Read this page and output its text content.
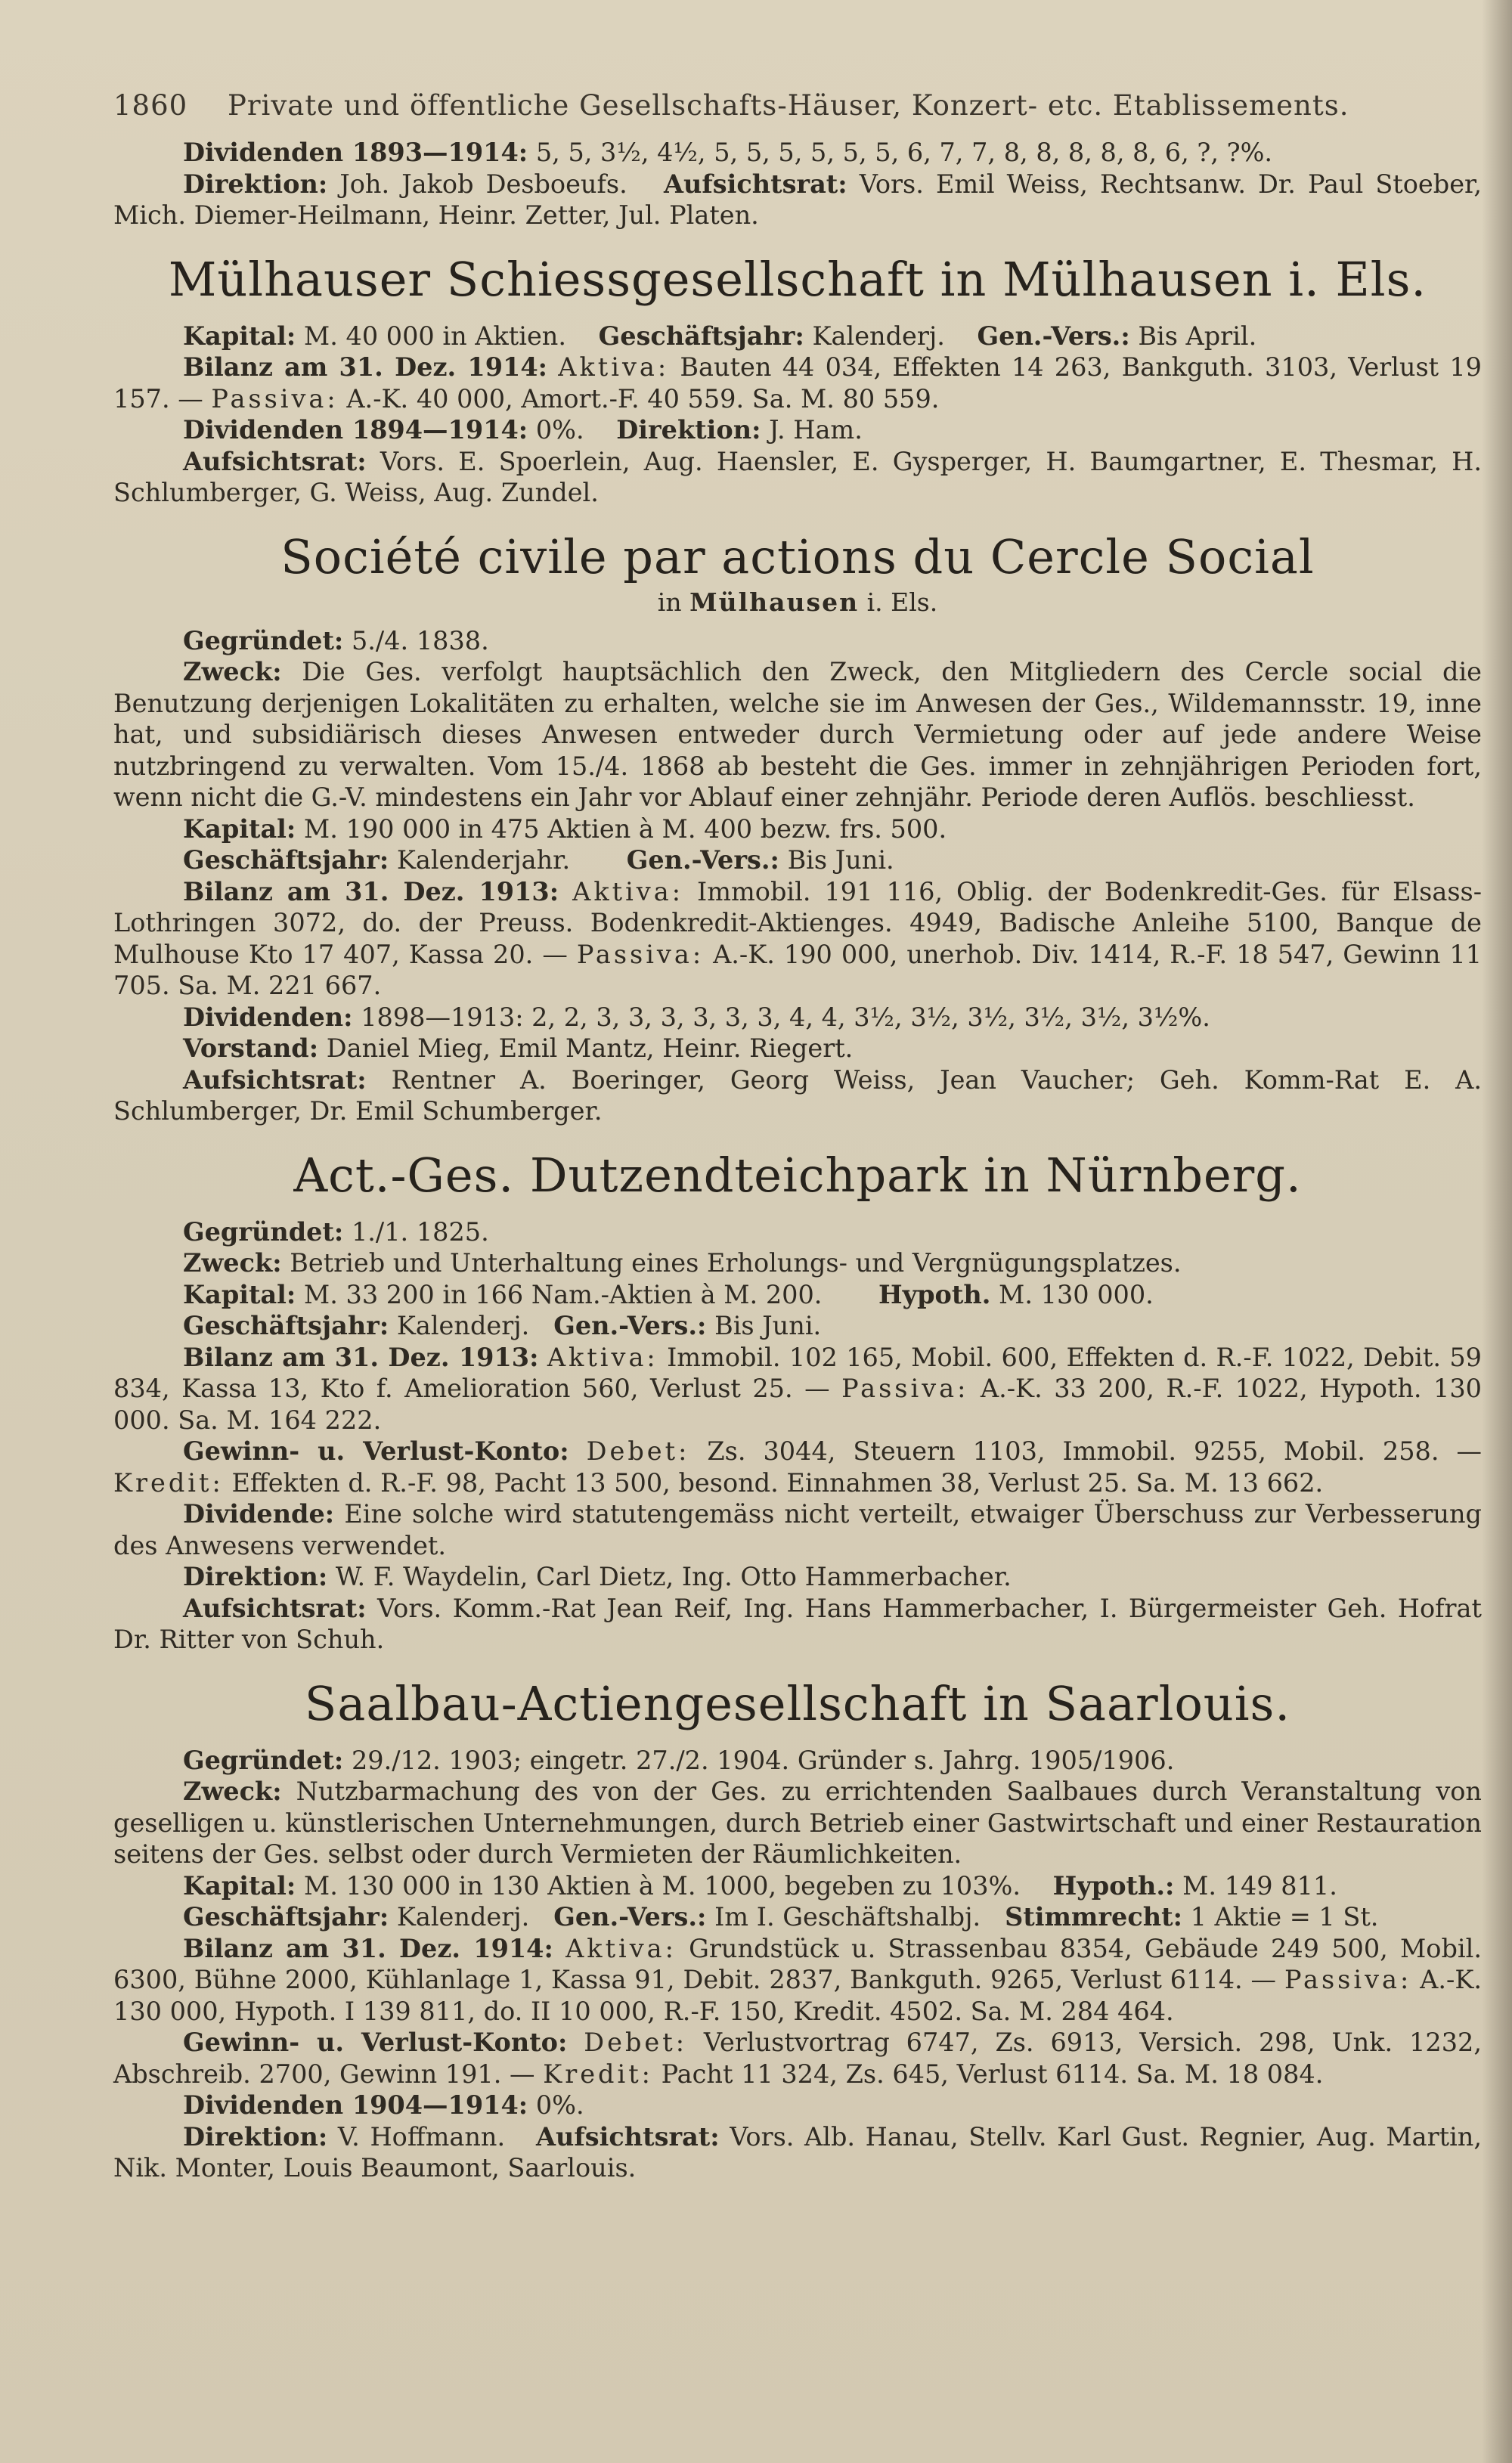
1860 Private und öffentliche Gesellschafts-Häuser, Konzert- etc. Etablissements.

Dividenden 1893—1914: 5, 5, 3½, 4½, 5, 5, 5, 5, 5, 5, 6, 7, 7, 8, 8, 8, 8, 8, 6, ?, ?%.

Direktion: Joh. Jakob Desboeufs. Aufsichtsrat: Vors. Emil Weiss, Rechtsanw. Dr. Paul Stoeber, Mich. Diemer-Heilmann, Heinr. Zetter, Jul. Platen.

Mülhauser Schiessgesellschaft in Mülhausen i. Els.

Kapital: M. 40 000 in Aktien. Geschäftsjahr: Kalenderj. Gen.-Vers.: Bis April.

Bilanz am 31. Dez. 1914: Aktiva: Bauten 44 034, Effekten 14 263, Bankguth. 3103, Verlust 19 157. — Passiva: A.-K. 40 000, Amort.-F. 40 559. Sa. M. 80 559.

Dividenden 1894—1914: 0%. Direktion: J. Ham.

Aufsichtsrat: Vors. E. Spoerlein, Aug. Haensler, E. Gysperger, H. Baumgartner, E. Thesmar, H. Schlumberger, G. Weiss, Aug. Zundel.

Société civile par actions du Cercle Social
in Mülhausen i. Els.

Gegründet: 5./4. 1838.

Zweck: Die Ges. verfolgt hauptsächlich den Zweck, den Mitgliedern des Cercle social die Benutzung derjenigen Lokalitäten zu erhalten, welche sie im Anwesen der Ges., Wildemannsstr. 19, inne hat, und subsidiärisch dieses Anwesen entweder durch Vermietung oder auf jede andere Weise nutzbringend zu verwalten. Vom 15./4. 1868 ab besteht die Ges. immer in zehnjährigen Perioden fort, wenn nicht die G.-V. mindestens ein Jahr vor Ablauf einer zehnjähr. Periode deren Auflös. beschliesst.

Kapital: M. 190 000 in 475 Aktien à M. 400 bezw. frs. 500.

Geschäftsjahr: Kalenderjahr. Gen.-Vers.: Bis Juni.

Bilanz am 31. Dez. 1913: Aktiva: Immobil. 191 116, Oblig. der Bodenkredit-Ges. für Elsass-Lothringen 3072, do. der Preuss. Bodenkredit-Aktienges. 4949, Badische Anleihe 5100, Banque de Mulhouse Kto 17 407, Kassa 20. — Passiva: A.-K. 190 000, unerhob. Div. 1414, R.-F. 18 547, Gewinn 11 705. Sa. M. 221 667.

Dividenden: 1898—1913: 2, 2, 3, 3, 3, 3, 3, 3, 4, 4, 3½, 3½, 3½, 3½, 3½, 3½%.

Vorstand: Daniel Mieg, Emil Mantz, Heinr. Riegert.

Aufsichtsrat: Rentner A. Boeringer, Georg Weiss, Jean Vaucher; Geh. Komm-Rat E. A. Schlumberger, Dr. Emil Schumberger.

Act.-Ges. Dutzendteichpark in Nürnberg.

Gegründet: 1./1. 1825.

Zweck: Betrieb und Unterhaltung eines Erholungs- und Vergnügungsplatzes.

Kapital: M. 33 200 in 166 Nam.-Aktien à M. 200. Hypoth. M. 130 000.

Geschäftsjahr: Kalenderj. Gen.-Vers.: Bis Juni.

Bilanz am 31. Dez. 1913: Aktiva: Immobil. 102 165, Mobil. 600, Effekten d. R.-F. 1022, Debit. 59 834, Kassa 13, Kto f. Amelioration 560, Verlust 25. — Passiva: A.-K. 33 200, R.-F. 1022, Hypoth. 130 000. Sa. M. 164 222.

Gewinn- u. Verlust-Konto: Debet: Zs. 3044, Steuern 1103, Immobil. 9255, Mobil. 258. — Kredit: Effekten d. R.-F. 98, Pacht 13 500, besond. Einnahmen 38, Verlust 25. Sa. M. 13 662.

Dividende: Eine solche wird statutengemäss nicht verteilt, etwaiger Überschuss zur Verbesserung des Anwesens verwendet.

Direktion: W. F. Waydelin, Carl Dietz, Ing. Otto Hammerbacher.

Aufsichtsrat: Vors. Komm.-Rat Jean Reif, Ing. Hans Hammerbacher, I. Bürgermeister Geh. Hofrat Dr. Ritter von Schuh.

Saalbau-Actiengesellschaft in Saarlouis.

Gegründet: 29./12. 1903; eingetr. 27./2. 1904. Gründer s. Jahrg. 1905/1906.

Zweck: Nutzbarmachung des von der Ges. zu errichtenden Saalbaues durch Veranstaltung von geselligen u. künstlerischen Unternehmungen, durch Betrieb einer Gastwirtschaft und einer Restauration seitens der Ges. selbst oder durch Vermieten der Räumlichkeiten.

Kapital: M. 130 000 in 130 Aktien à M. 1000, begeben zu 103%. Hypoth.: M. 149 811.

Geschäftsjahr: Kalenderj. Gen.-Vers.: Im I. Geschäftshalbj. Stimmrecht: 1 Aktie = 1 St.

Bilanz am 31. Dez. 1914: Aktiva: Grundstück u. Strassenbau 8354, Gebäude 249 500, Mobil. 6300, Bühne 2000, Kühlanlage 1, Kassa 91, Debit. 2837, Bankguth. 9265, Verlust 6114. — Passiva: A.-K. 130 000, Hypoth. I 139 811, do. II 10 000, R.-F. 150, Kredit. 4502. Sa. M. 284 464.

Gewinn- u. Verlust-Konto: Debet: Verlustvortrag 6747, Zs. 6913, Versich. 298, Unk. 1232, Abschreib. 2700, Gewinn 191. — Kredit: Pacht 11 324, Zs. 645, Verlust 6114. Sa. M. 18 084.

Dividenden 1904—1914: 0%.

Direktion: V. Hoffmann. Aufsichtsrat: Vors. Alb. Hanau, Stellv. Karl Gust. Regnier, Aug. Martin, Nik. Monter, Louis Beaumont, Saarlouis.
